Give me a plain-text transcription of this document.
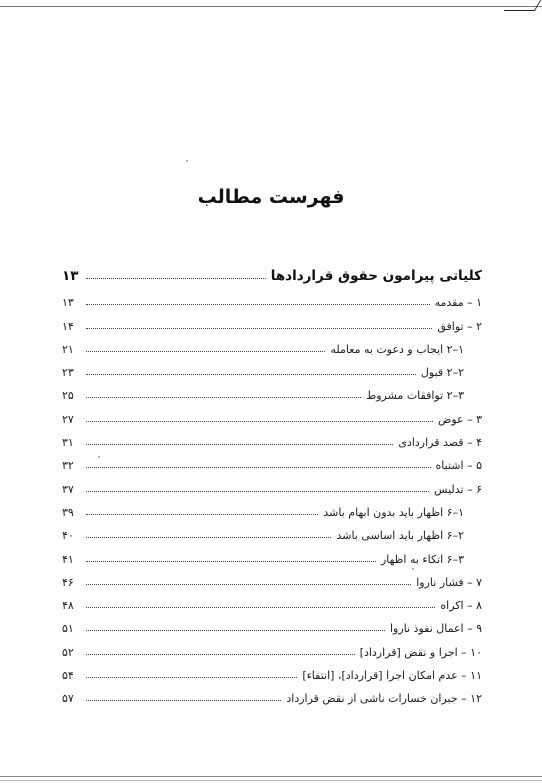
فهرست مطالب
کلیاتی پیرامون حقوق قراردادها
۱۳
۱ – مقدمه
۱۳
۲ – توافق
۱۴
۱–۲ ایجاب و دعوت به معامله
۲۱
۲–۲ قبول
۲۳
۳–۲ توافقات مشروط
۲۵
۳ – عوض
۲۷
۴ – قصد قراردادی
۳۱
۵ – اشتباه
۳۲
۶ – تدلیس
۳۷
۱–۶ اظهار باید بدون ابهام باشد
۳۹
۲–۶ اظهار باید اساسی باشد
۴۰
۳–۶ اتکاء به اظهار
۴۱
۷ – فشار ناروا
۴۶
۸ – اکراه
۴۸
۹ – اعمال نفوذ ناروا
۵۱
۱۰ – اجرا و نقض [قرارداد]
۵۲
۱۱ – عدم امکان اجرا [قرارداد]، [انتفاء]
۵۴
۱۲ – جبران خسارات ناشی از نقض قرارداد
۵۷
